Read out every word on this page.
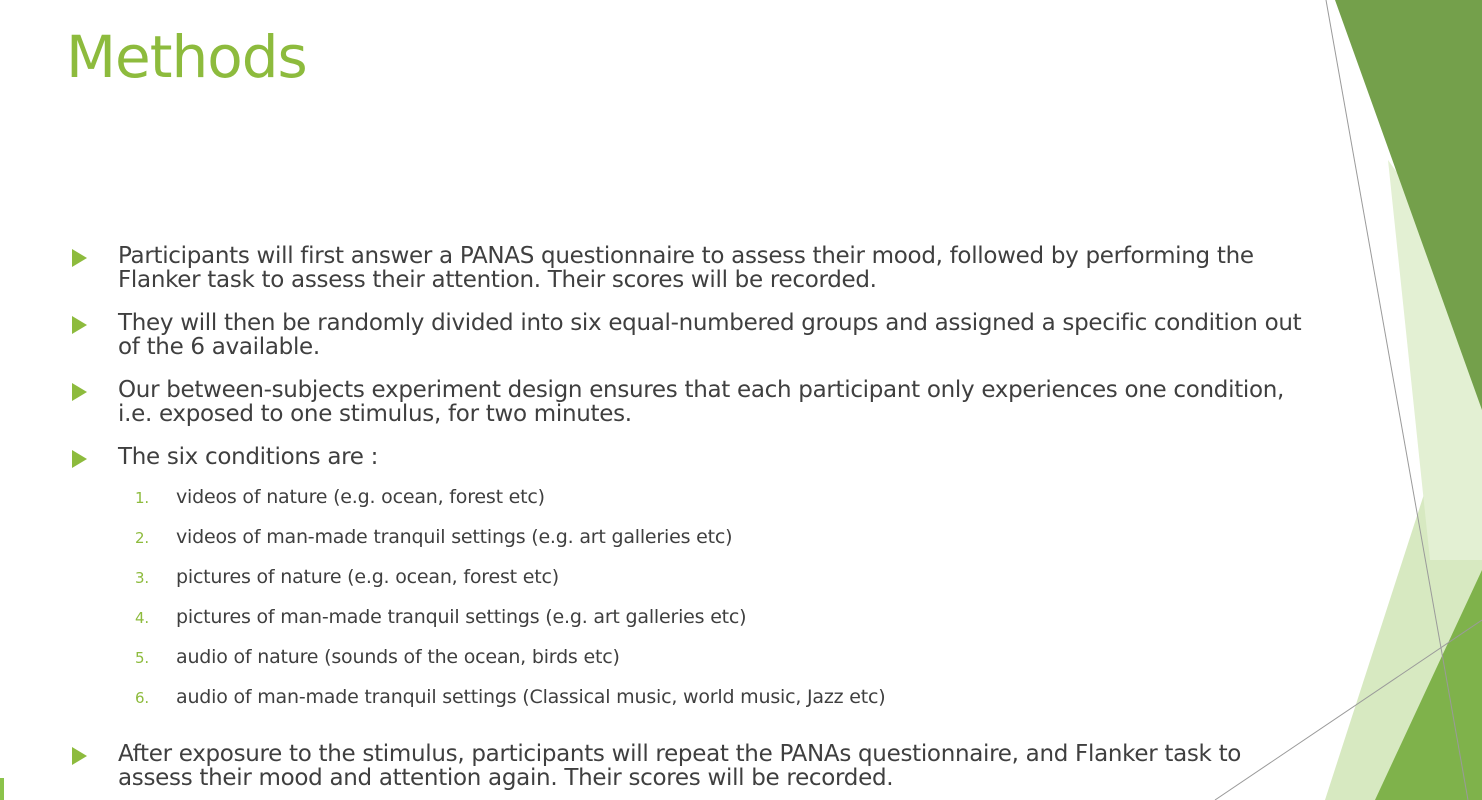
Methods
Participants will first answer a PANAS questionnaire to assess their mood, followed by performing the Flanker task to assess their attention. Their scores will be recorded.
They will then be randomly divided into six equal-numbered groups and assigned a specific condition out of the 6 available.
Our between-subjects experiment design ensures that each participant only experiences one condition, i.e. exposed to one stimulus, for two minutes.
The six conditions are :
1. videos of nature (e.g. ocean, forest etc)
2. videos of man-made tranquil settings (e.g. art galleries etc)
3. pictures of nature (e.g. ocean, forest etc)
4. pictures of man-made tranquil settings (e.g. art galleries etc)
5. audio of nature (sounds of the ocean, birds etc)
6. audio of man-made tranquil settings (Classical music, world music, Jazz etc)
After exposure to the stimulus, participants will repeat the PANAs questionnaire, and Flanker task to assess their mood and attention again. Their scores will be recorded.
